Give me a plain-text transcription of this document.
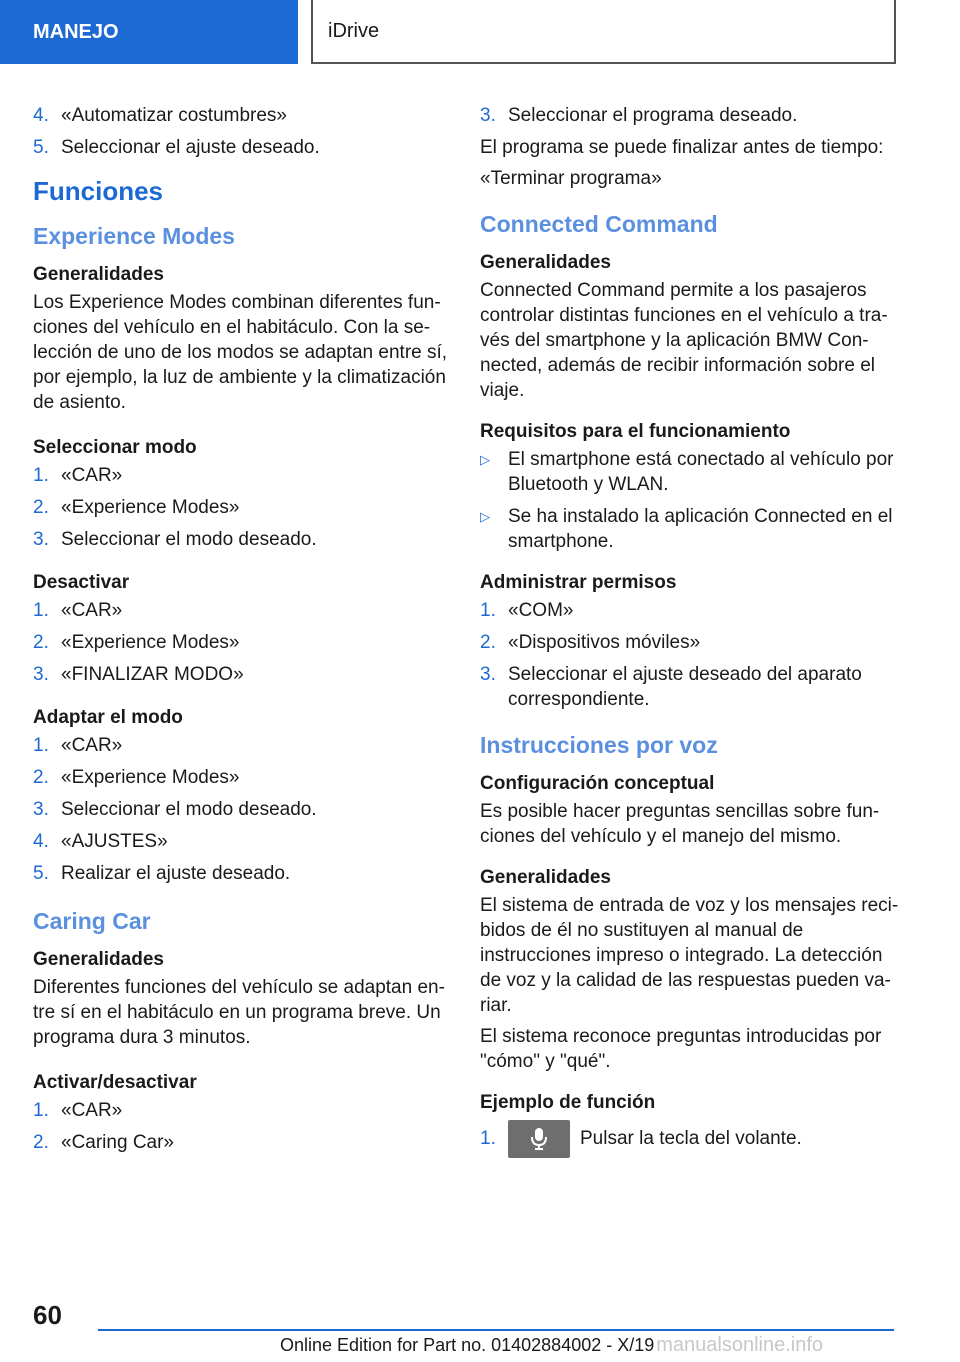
MANEJO	iDrive
4. «Automatizar costumbres»
5. Seleccionar el ajuste deseado.
Funciones
Experience Modes
Generalidades
Los Experience Modes combinan diferentes fun-ciones del vehículo en el habitáculo. Con la se-lección de uno de los modos se adaptan entre sí, por ejemplo, la luz de ambiente y la climatización de asiento.
Seleccionar modo
1. «CAR»
2. «Experience Modes»
3. Seleccionar el modo deseado.
Desactivar
1. «CAR»
2. «Experience Modes»
3. «FINALIZAR MODO»
Adaptar el modo
1. «CAR»
2. «Experience Modes»
3. Seleccionar el modo deseado.
4. «AJUSTES»
5. Realizar el ajuste deseado.
Caring Car
Generalidades
Diferentes funciones del vehículo se adaptan en-tre sí en el habitáculo en un programa breve. Un programa dura 3 minutos.
Activar/desactivar
1. «CAR»
2. «Caring Car»
3. Seleccionar el programa deseado.
El programa se puede finalizar antes de tiempo:
«Terminar programa»
Connected Command
Generalidades
Connected Command permite a los pasajeros controlar distintas funciones en el vehículo a tra-vés del smartphone y la aplicación BMW Con-nected, además de recibir información sobre el viaje.
Requisitos para el funcionamiento
▷ El smartphone está conectado al vehículo por Bluetooth y WLAN.
▷ Se ha instalado la aplicación Connected en el smartphone.
Administrar permisos
1. «COM»
2. «Dispositivos móviles»
3. Seleccionar el ajuste deseado del aparato correspondiente.
Instrucciones por voz
Configuración conceptual
Es posible hacer preguntas sencillas sobre fun-ciones del vehículo y el manejo del mismo.
Generalidades
El sistema de entrada de voz y los mensajes reci-bidos de él no sustituyen al manual de instrucciones impreso o integrado. La detección de voz y la calidad de las respuestas pueden va-riar.
El sistema reconoce preguntas introducidas por "cómo" y "qué".
Ejemplo de función
1.	Pulsar la tecla del volante.
60
Online Edition for Part no. 01402884002 - X/19 manualsonline.info
